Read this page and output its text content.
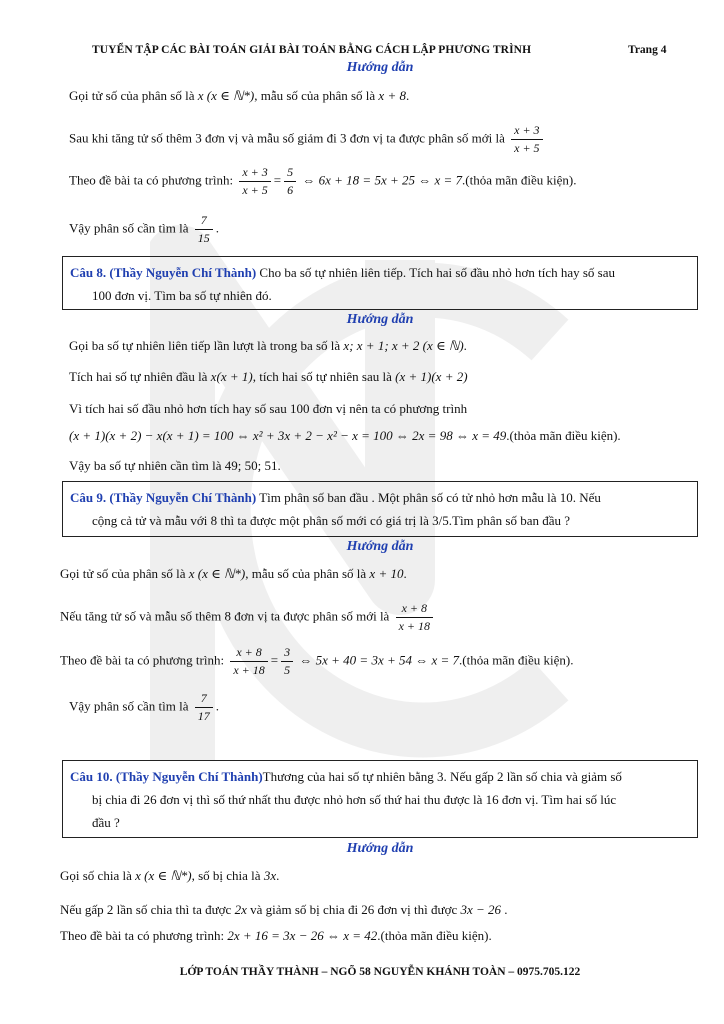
TUYỂN TẬP CÁC BÀI TOÁN GIẢI BÀI TOÁN BẰNG CÁCH LẬP PHƯƠNG TRÌNH	Trang 4
Hướng dẫn
Gọi tử số của phân số là x (x ∈ ℕ*), mẫu số của phân số là x + 8.
Sau khi tăng tử số thêm 3 đơn vị và mẫu số giảm đi 3 đơn vị ta được phân số mới là $\frac{x + 3}{x + 5}$
Theo đề bài ta có phương trình: $\frac{x + 3}{x + 5} = \frac{5}{6}$ ⇔ 6x + 18 = 5x + 25 ⇔ x = 7.(thỏa mãn điều kiện).
Vậy phân số cần tìm là $\frac{7}{15}$ .
Câu 8. (Thầy Nguyễn Chí Thành) Cho ba số tự nhiên liên tiếp. Tích hai số đầu nhỏ hơn tích hay số sau
100 đơn vị. Tìm ba số tự nhiên đó.
Hướng dẫn
Gọi ba số tự nhiên liên tiếp lần lượt là trong ba số là x; x + 1; x + 2 (x ∈ ℕ).
Tích hai số tự nhiên đầu là x(x + 1), tích hai số tự nhiên sau là (x + 1)(x + 2)
Vì tích hai số đầu nhỏ hơn tích hay số sau 100 đơn vị nên ta có phương trình
(x + 1)(x + 2) − x(x + 1) = 100 ⇔ x² + 3x + 2 − x² − x = 100 ⇔ 2x = 98 ⇔ x = 49.(thỏa mãn điều kiện).
Vậy ba số tự nhiên cần tìm là 49; 50; 51.
Câu 9. (Thầy Nguyễn Chí Thành) Tìm phân số ban đầu . Một phân số có tử nhỏ hơn mẫu là 10. Nếu
cộng cả tử và mẫu với 8 thì ta được một phân số mới có giá trị là 3/5.Tìm phân số ban đầu ?
Hướng dẫn
Gọi tử số của phân số là x (x ∈ ℕ*), mẫu số của phân số là x + 10.
Nếu tăng tử số và mẫu số thêm 8 đơn vị ta được phân số mới là $\frac{x + 8}{x + 18}$
Theo đề bài ta có phương trình: $\frac{x + 8}{x + 18} = \frac{3}{5}$ ⇔ 5x + 40 = 3x + 54 ⇔ x = 7.(thỏa mãn điều kiện).
Vậy phân số cần tìm là $\frac{7}{17}$ .
Câu 10. (Thầy Nguyễn Chí Thành)Thương của hai số tự nhiên bằng 3. Nếu gấp 2 lần số chia và giảm số
bị chia đi 26 đơn vị thì số thứ nhất thu được nhỏ hơn số thứ hai thu được là 16 đơn vị. Tìm hai số lúc
đầu ?
Hướng dẫn
Gọi số chia là x (x ∈ ℕ*), số bị chia là 3x.
Nếu gấp 2 lần số chia thì ta được 2x và giảm số bị chia đi 26 đơn vị thì được 3x − 26 .
Theo đề bài ta có phương trình: 2x + 16 = 3x − 26 ⇔ x = 42.(thỏa mãn điều kiện).
LỚP TOÁN THẦY THÀNH – NGÕ 58 NGUYỄN KHÁNH TOÀN – 0975.705.122
